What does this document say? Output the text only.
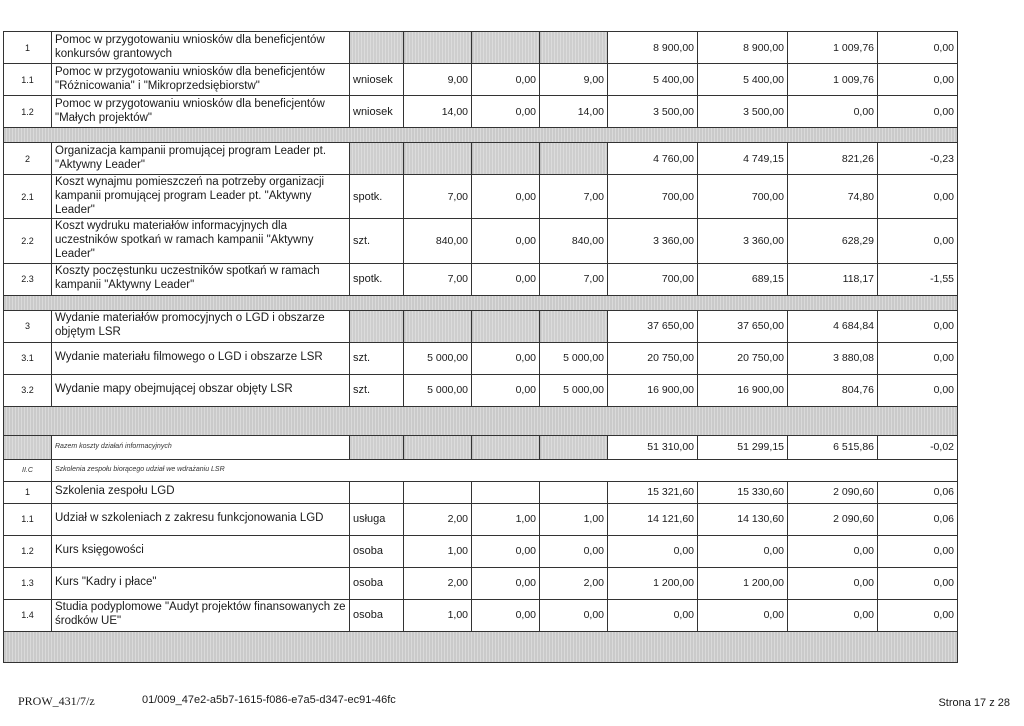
1	Pomoc w przygotowaniu wniosków dla beneficjentów konkursów grantowych					8 900,00	8 900,00	1 009,76	0,00
1.1	Pomoc w przygotowaniu wniosków dla beneficjentów "Różnicowania" i "Mikroprzedsiębiorstw"	wniosek	9,00	0,00	9,00	5 400,00	5 400,00	1 009,76	0,00
1.2	Pomoc w przygotowaniu wniosków dla beneficjentów "Małych projektów"	wniosek	14,00	0,00	14,00	3 500,00	3 500,00	0,00	0,00

2	Organizacja kampanii promującej program Leader pt. "Aktywny Leader"					4 760,00	4 749,15	821,26	-0,23
2.1	Koszt wynajmu pomieszczeń na potrzeby organizacji kampanii promującej program Leader pt. "Aktywny Leader"	spotk.	7,00	0,00	7,00	700,00	700,00	74,80	0,00
2.2	Koszt wydruku materiałów informacyjnych dla uczestników spotkań w ramach kampanii "Aktywny Leader"	szt.	840,00	0,00	840,00	3 360,00	3 360,00	628,29	0,00
2.3	Koszty poczęstunku uczestników spotkań w ramach kampanii "Aktywny Leader"	spotk.	7,00	0,00	7,00	700,00	689,15	118,17	-1,55

3	Wydanie materiałów promocyjnych o LGD i obszarze objętym LSR					37 650,00	37 650,00	4 684,84	0,00
3.1	Wydanie materiału filmowego o LGD i obszarze LSR	szt.	5 000,00	0,00	5 000,00	20 750,00	20 750,00	3 880,08	0,00
3.2	Wydanie mapy obejmującej obszar objęty LSR	szt.	5 000,00	0,00	5 000,00	16 900,00	16 900,00	804,76	0,00

	Razem koszty działań informacyjnych					51 310,00	51 299,15	6 515,86	-0,02
II.C	Szkolenia zespołu biorącego udział we wdrażaniu LSR								
1	Szkolenia zespołu LGD					15 321,60	15 330,60	2 090,60	0,06
1.1	Udział w szkoleniach z zakresu funkcjonowania LGD	usługa	2,00	1,00	1,00	14 121,60	14 130,60	2 090,60	0,06
1.2	Kurs księgowości	osoba	1,00	0,00	0,00	0,00	0,00	0,00	0,00
1.3	Kurs "Kadry i płace"	osoba	2,00	0,00	2,00	1 200,00	1 200,00	0,00	0,00
1.4	Studia podyplomowe "Audyt projektów finansowanych ze środków UE"	osoba	1,00	0,00	0,00	0,00	0,00	0,00	0,00

PROW_431/7/z	01/009_47e2-a5b7-1615-f086-e7a5-d347-ec91-46fc	Strona 17 z 28
